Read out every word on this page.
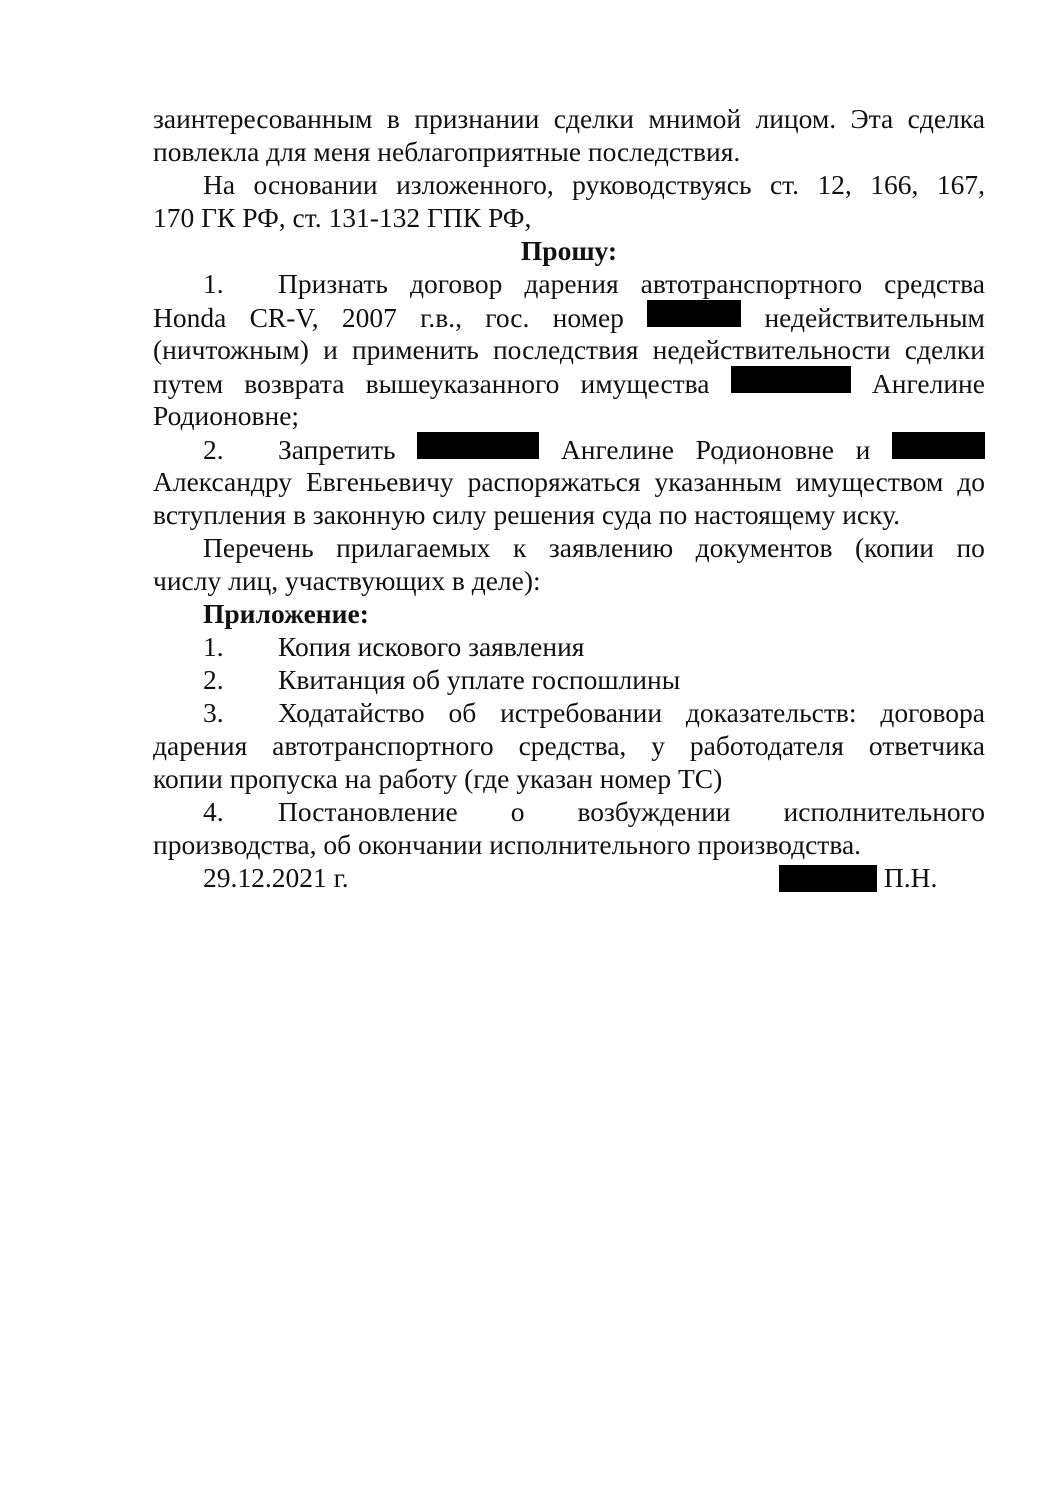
заинтересованным в признании сделки мнимой лицом. Эта сделка
повлекла для меня неблагоприятные последствия.
На основании изложенного, руководствуясь ст. 12, 166, 167,
170 ГК РФ, ст. 131-132 ГПК РФ,
Прошу:
1.	Признать договор дарения автотранспортного средства
Honda CR-V, 2007 г.в., гос. номер	недействительным
(ничтожным) и применить последствия недействительности сделки
путем возврата вышеуказанного имущества	Ангелине
Родионовне;
2.	Запретить	Ангелине Родионовне и
Александру Евгеньевичу распоряжаться указанным имуществом до
вступления в законную силу решения суда по настоящему иску.
Перечень прилагаемых к заявлению документов (копии по
числу лиц, участвующих в деле):
Приложение:
1.	Копия искового заявления
2.	Квитанция об уплате госпошлины
3.	Ходатайство об истребовании доказательств: договора
дарения автотранспортного средства, у работодателя ответчика
копии пропуска на работу (где указан номер ТС)
4.	Постановление о возбуждении исполнительного
производства, об окончании исполнительного производства.
29.12.2021 г.	П.Н.
